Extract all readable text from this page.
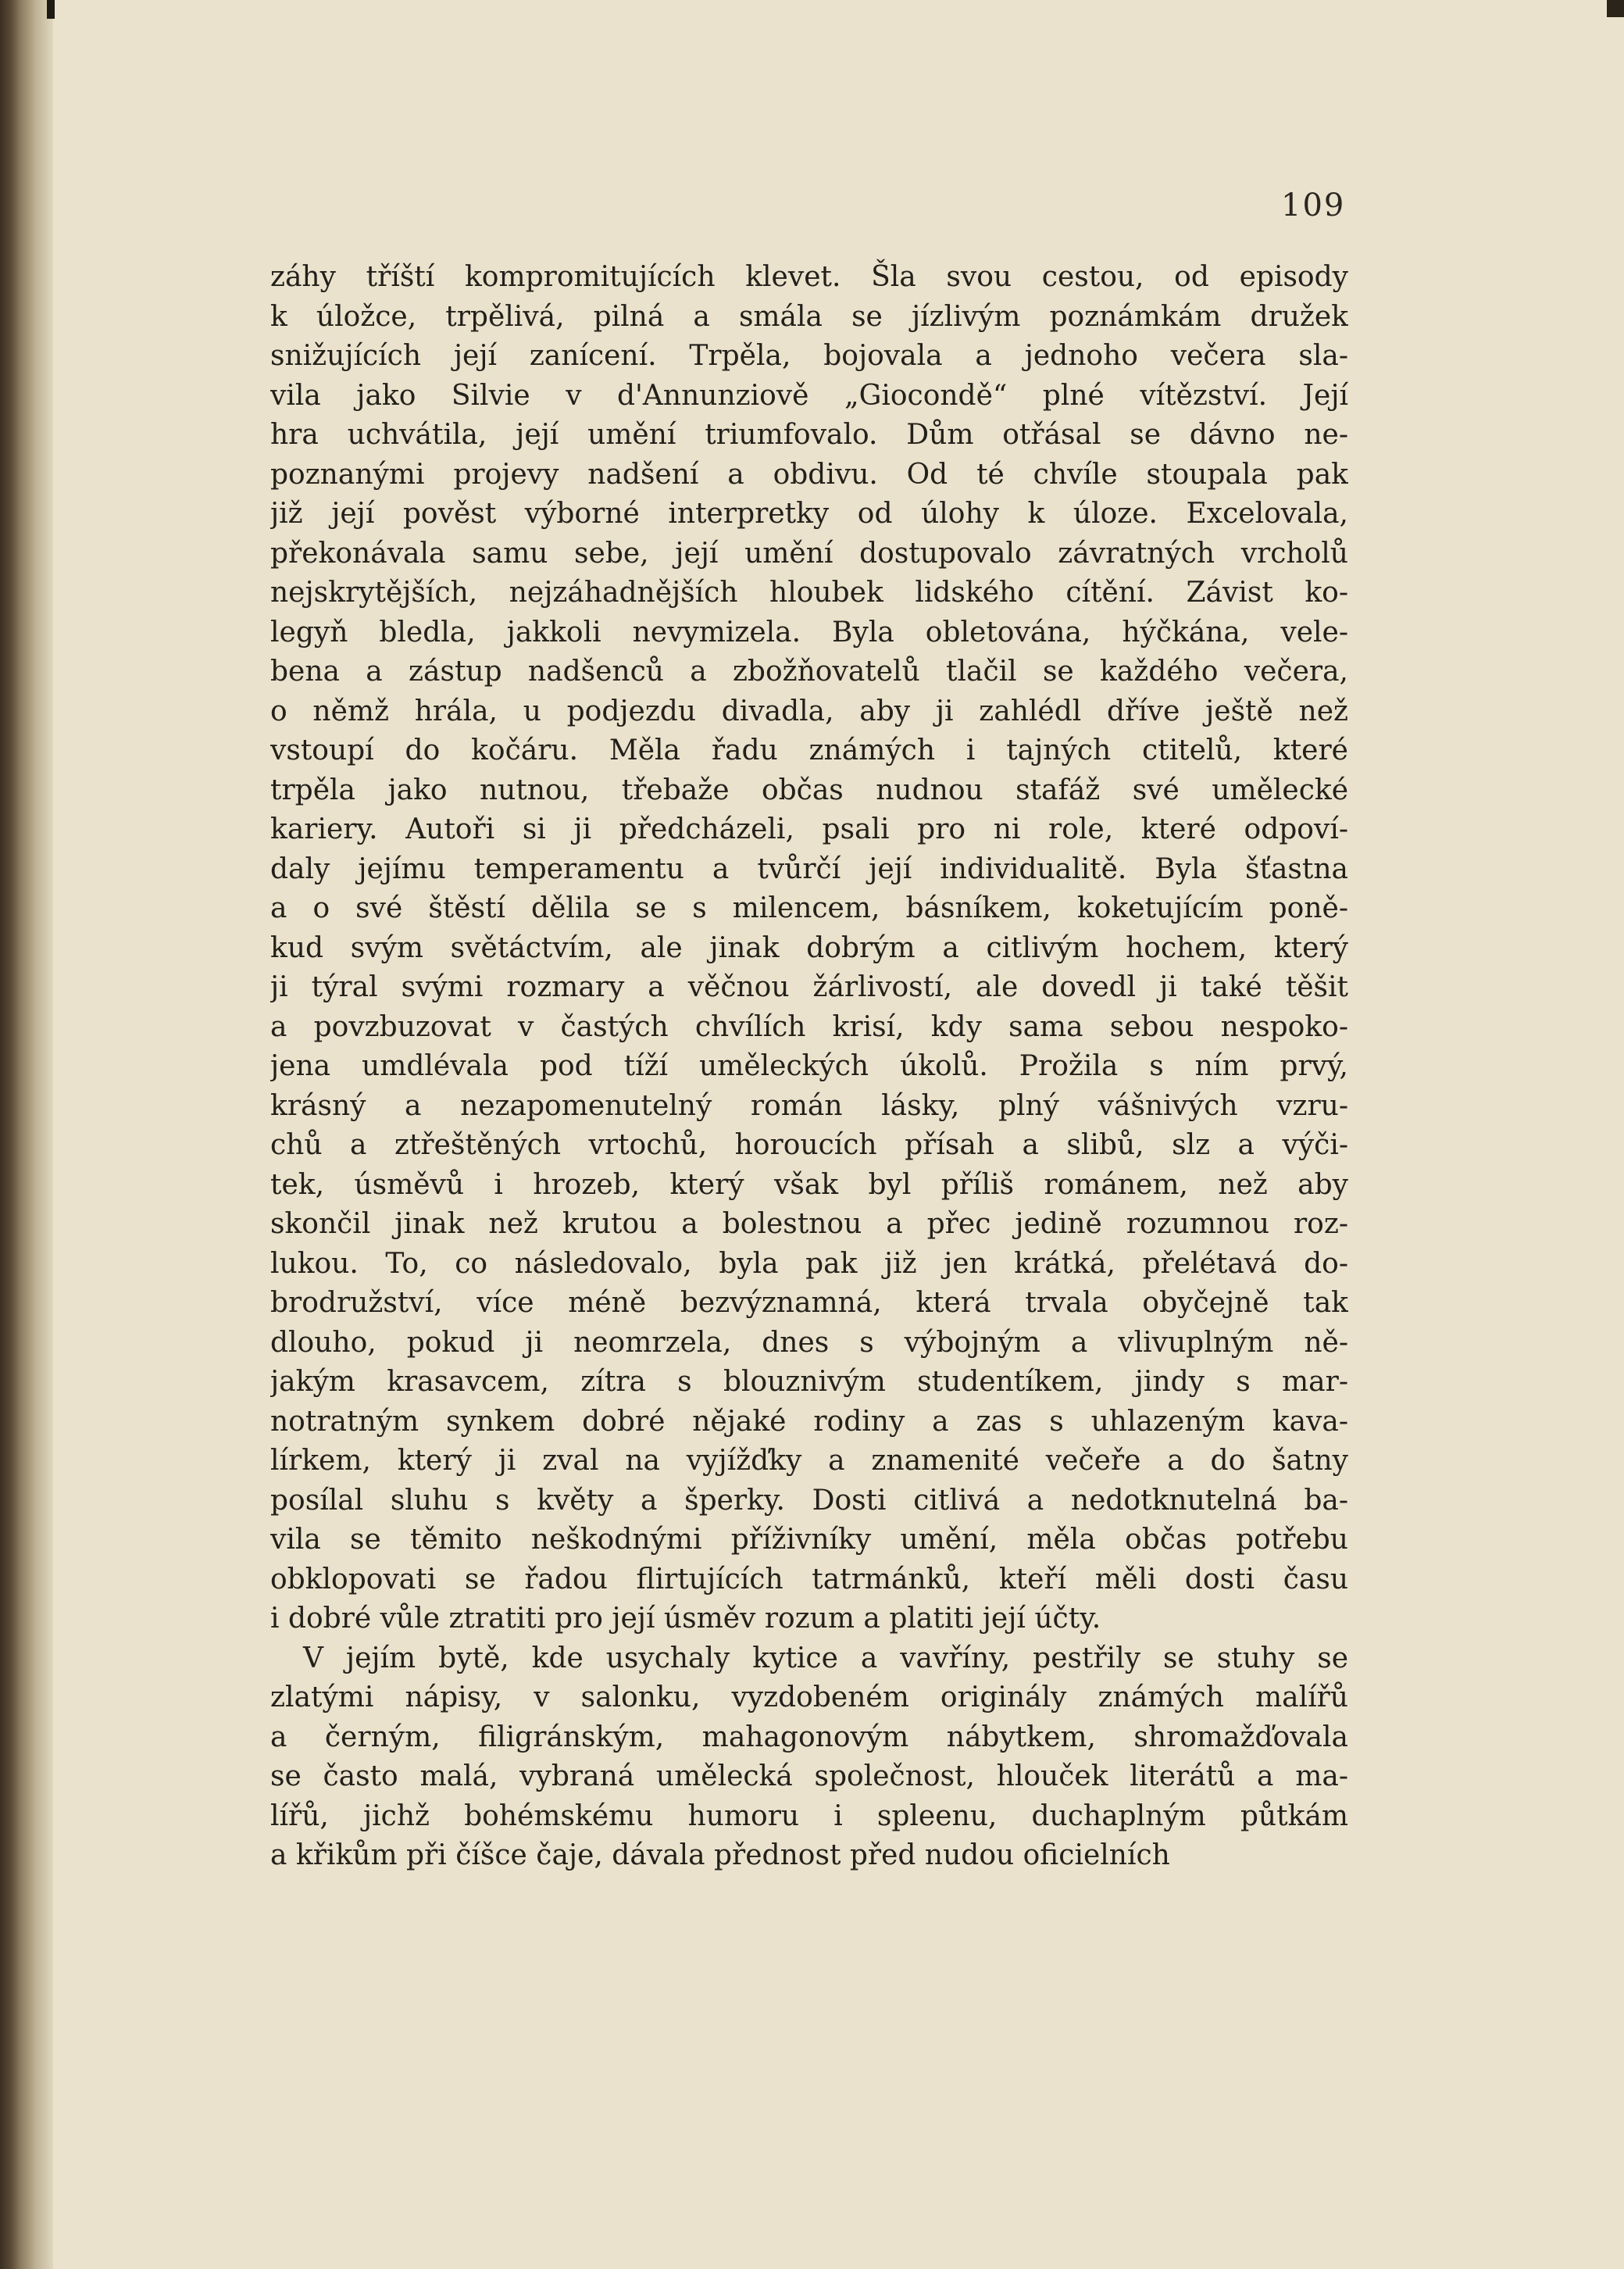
109
záhy tříští kompromitujících klevet. Šla svou cestou, od episody
k úložce, trpělivá, pilná a smála se jízlivým poznámkám družek
snižujících její zanícení. Trpěla, bojovala a jednoho večera sla-
vila jako Silvie v d'Annunziově „Giocondě“ plné vítězství. Její
hra uchvátila, její umění triumfovalo. Dům otřásal se dávno ne-
poznanými projevy nadšení a obdivu. Od té chvíle stoupala pak
již její pověst výborné interpretky od úlohy k úloze. Excelovala,
překonávala samu sebe, její umění dostupovalo závratných vrcholů
nejskrytějších, nejzáhadnějších hloubek lidského cítění. Závist ko-
legyň bledla, jakkoli nevymizela. Byla obletována, hýčkána, vele-
bena a zástup nadšenců a zbožňovatelů tlačil se každého večera,
o němž hrála, u podjezdu divadla, aby ji zahlédl dříve ještě než
vstoupí do kočáru. Měla řadu známých i tajných ctitelů, které
trpěla jako nutnou, třebaže občas nudnou stafáž své umělecké
kariery. Autoři si ji předcházeli, psali pro ni role, které odpoví-
daly jejímu temperamentu a tvůrčí její individualitě. Byla šťastna
a o své štěstí dělila se s milencem, básníkem, koketujícím poně-
kud svým světáctvím, ale jinak dobrým a citlivým hochem, který
ji týral svými rozmary a věčnou žárlivostí, ale dovedl ji také těšit
a povzbuzovat v častých chvílích krisí, kdy sama sebou nespoko-
jena umdlévala pod tíží uměleckých úkolů. Prožila s ním prvý,
krásný a nezapomenutelný román lásky, plný vášnivých vzru-
chů a ztřeštěných vrtochů, horoucích přísah a slibů, slz a výči-
tek, úsměvů i hrozeb, který však byl příliš románem, než aby
skončil jinak než krutou a bolestnou a přec jedině rozumnou roz-
lukou. To, co následovalo, byla pak již jen krátká, přelétavá do-
brodružství, více méně bezvýznamná, která trvala obyčejně tak
dlouho, pokud ji neomrzela, dnes s výbojným a vlivuplným ně-
jakým krasavcem, zítra s blouznivým studentíkem, jindy s mar-
notratným synkem dobré nějaké rodiny a zas s uhlazeným kava-
lírkem, který ji zval na vyjížďky a znamenité večeře a do šatny
posílal sluhu s květy a šperky. Dosti citlivá a nedotknutelná ba-
vila se těmito neškodnými příživníky umění, měla občas potřebu
obklopovati se řadou flirtujících tatrmánků, kteří měli dosti času
i dobré vůle ztratiti pro její úsměv rozum a platiti její účty.
V jejím bytě, kde usychaly kytice a vavříny, pestřily se stuhy se
zlatými nápisy, v salonku, vyzdobeném originály známých malířů
a černým, filigránským, mahagonovým nábytkem, shromažďovala
se často malá, vybraná umělecká společnost, hlouček literátů a ma-
lířů, jichž bohémskému humoru i spleenu, duchaplným půtkám
a křikům při číšce čaje, dávala přednost před nudou oficielních
